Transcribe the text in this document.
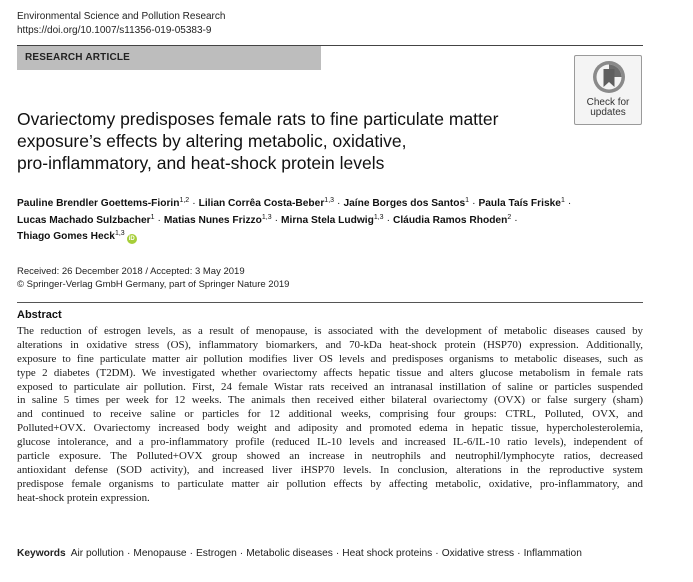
Environmental Science and Pollution Research
https://doi.org/10.1007/s11356-019-05383-9
RESEARCH ARTICLE
Check for
updates
Ovariectomy predisposes female rats to fine particulate matter
exposure’s effects by altering metabolic, oxidative,
pro-inflammatory, and heat-shock protein levels
Pauline Brendler Goettems-Fiorin$^{1,2}$ · Lilian Corrêa Costa-Beber$^{1,3}$ · Jaíne Borges dos Santos$^1$ · Paula Taís Friske$^1$ ·
Lucas Machado Sulzbacher$^1$ · Matias Nunes Frizzo$^{1,3}$ · Mirna Stela Ludwig$^{1,3}$ · Cláudia Ramos Rhoden$^2$ ·
Thiago Gomes Heck$^{1,3}$iD
Received: 26 December 2018 / Accepted: 3 May 2019
© Springer-Verlag GmbH Germany, part of Springer Nature 2019
Abstract
The reduction of estrogen levels, as a result of menopause, is associated with the development of metabolic diseases caused by
alterations in oxidative stress (OS), inflammatory biomarkers, and 70-kDa heat-shock protein (HSP70) expression. Additionally,
exposure to fine particulate matter air pollution modifies liver OS levels and predisposes organisms to metabolic diseases, such as
type 2 diabetes (T2DM). We investigated whether ovariectomy affects hepatic tissue and alters glucose metabolism in female rats
exposed to particulate air pollution. First, 24 female Wistar rats received an intranasal instillation of saline or particles suspended
in saline 5 times per week for 12 weeks. The animals then received either bilateral ovariectomy (OVX) or false surgery (sham)
and continued to receive saline or particles for 12 additional weeks, comprising four groups: CTRL, Polluted, OVX, and
Polluted+OVX. Ovariectomy increased body weight and adiposity and promoted edema in hepatic tissue, hypercholesterolemia,
glucose intolerance, and a pro-inflammatory profile (reduced IL-10 levels and increased IL-6/IL-10 ratio levels), independent of
particle exposure. The Polluted+OVX group showed an increase in neutrophils and neutrophil/lymphocyte ratios, decreased
antioxidant defense (SOD activity), and increased liver iHSP70 levels. In conclusion, alterations in the reproductive system
predispose female organisms to particulate matter air pollution effects by affecting metabolic, oxidative, pro-inflammatory, and
heat-shock protein expression.
Keywords Air pollution · Menopause · Estrogen · Metabolic diseases · Heat shock proteins · Oxidative stress · Inflammation
